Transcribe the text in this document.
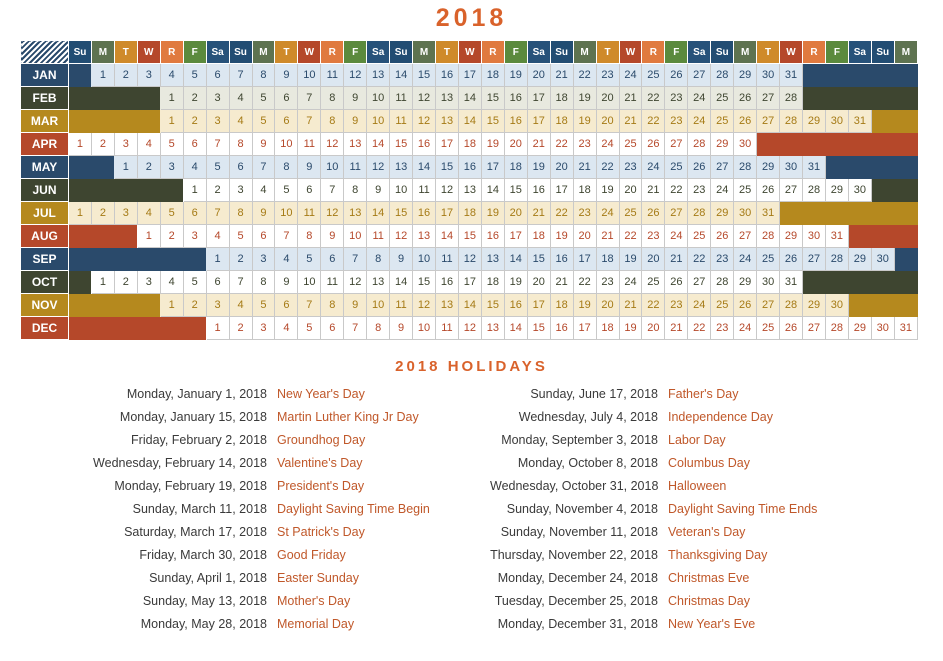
2018
	Su	M	T	W	R	F	Sa	Su	M	T	W	R	F	Sa	Su	M	T	W	R	F	Sa	Su	M	T	W	R	F	Sa	Su	M	T	W	R	F	Sa	Su	M
JAN		1	2	3	4	5	6	7	8	9	10	11	12	13	14	15	16	17	18	19	20	21	22	23	24	25	26	27	28	29	30	31					
FEB					1	2	3	4	5	6	7	8	9	10	11	12	13	14	15	16	17	18	19	20	21	22	23	24	25	26	27	28					
MAR					1	2	3	4	5	6	7	8	9	10	11	12	13	14	15	16	17	18	19	20	21	22	23	24	25	26	27	28	29	30	31		
APR	1	2	3	4	5	6	7	8	9	10	11	12	13	14	15	16	17	18	19	20	21	22	23	24	25	26	27	28	29	30							
MAY			1	2	3	4	5	6	7	8	9	10	11	12	13	14	15	16	17	18	19	20	21	22	23	24	25	26	27	28	29	30	31				
JUN						1	2	3	4	5	6	7	8	9	10	11	12	13	14	15	16	17	18	19	20	21	22	23	24	25	26	27	28	29	30		
JUL	1	2	3	4	5	6	7	8	9	10	11	12	13	14	15	16	17	18	19	20	21	22	23	24	25	26	27	28	29	30	31						
AUG				1	2	3	4	5	6	7	8	9	10	11	12	13	14	15	16	17	18	19	20	21	22	23	24	25	26	27	28	29	30	31			
SEP							1	2	3	4	5	6	7	8	9	10	11	12	13	14	15	16	17	18	19	20	21	22	23	24	25	26	27	28	29	30	
OCT		1	2	3	4	5	6	7	8	9	10	11	12	13	14	15	16	17	18	19	20	21	22	23	24	25	26	27	28	29	30	31					
NOV					1	2	3	4	5	6	7	8	9	10	11	12	13	14	15	16	17	18	19	20	21	22	23	24	25	26	27	28	29	30			
DEC							1	2	3	4	5	6	7	8	9	10	11	12	13	14	15	16	17	18	19	20	21	22	23	24	25	26	27	28	29	30	31
2018 HOLIDAYS
Monday, January 1, 2018 New Year's Day
Monday, January 15, 2018 Martin Luther King Jr Day
Friday, February 2, 2018 Groundhog Day
Wednesday, February 14, 2018 Valentine's Day
Monday, February 19, 2018 President's Day
Sunday, March 11, 2018 Daylight Saving Time Begin
Saturday, March 17, 2018 St Patrick's Day
Friday, March 30, 2018 Good Friday
Sunday, April 1, 2018 Easter Sunday
Sunday, May 13, 2018 Mother's Day
Monday, May 28, 2018 Memorial Day
Sunday, June 17, 2018 Father's Day
Wednesday, July 4, 2018 Independence Day
Monday, September 3, 2018 Labor Day
Monday, October 8, 2018 Columbus Day
Wednesday, October 31, 2018 Halloween
Sunday, November 4, 2018 Daylight Saving Time Ends
Sunday, November 11, 2018 Veteran's Day
Thursday, November 22, 2018 Thanksgiving Day
Monday, December 24, 2018 Christmas Eve
Tuesday, December 25, 2018 Christmas Day
Monday, December 31, 2018 New Year's Eve
